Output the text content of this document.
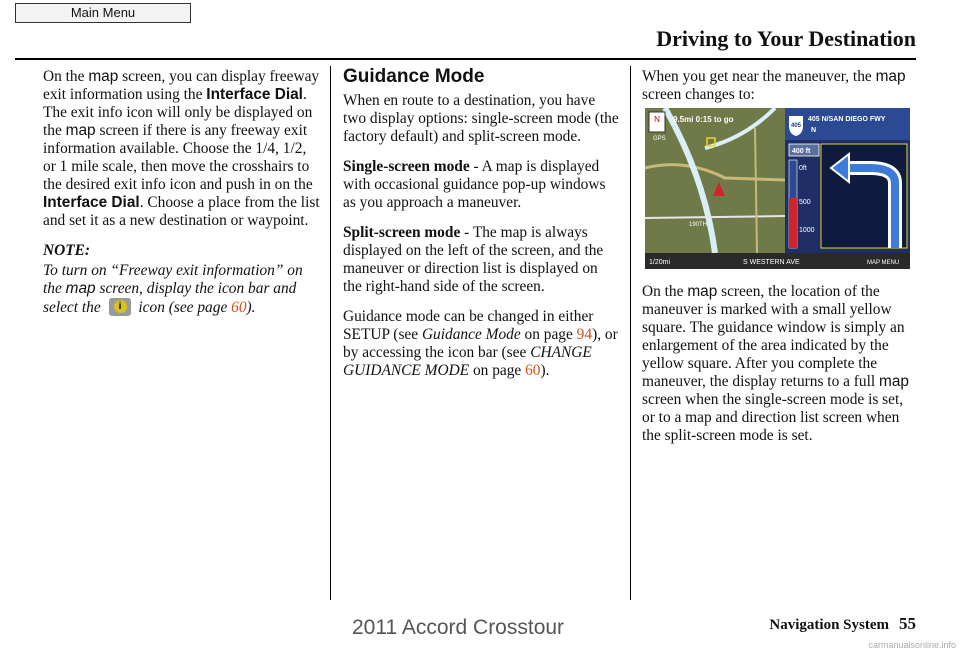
Main Menu
Driving to Your Destination

On the map screen, you can display freeway exit information using the Interface Dial. The exit info icon will only be displayed on the map screen if there is any freeway exit information available. Choose the 1/4, 1/2, or 1 mile scale, then move the crosshairs to the desired exit info icon and push in on the Interface Dial. Choose a place from the list and set it as a new destination or waypoint.

NOTE:

To turn on “Freeway exit information” on the map screen, display the icon bar and select the	i icon (see page 60).

Guidance Mode

When en route to a destination, you have two display options: single-screen mode (the factory default) and split-screen mode.

Single-screen mode - A map is displayed with occasional guidance pop-up windows as you approach a maneuver.

Split-screen mode - The map is always displayed on the left of the screen, and the maneuver or direction list is displayed on the right-hand side of the screen.

Guidance mode can be changed in either SETUP (see Guidance Mode on page 94), or by accessing the icon bar (see CHANGE GUIDANCE MODE on page 60).

When you get near the maneuver, the map screen changes to:

N 9.5mi 0:15 to go
GPS
190TH
405
405 N/SAN DIEGO FWY
N
400 ft
0ft
500
1000
1/20mi	S WESTERN AVE	MAP MENU

On the map screen, the location of the maneuver is marked with a small yellow square. The guidance window is simply an enlargement of the area indicated by the yellow square. After you complete the maneuver, the display returns to a full map screen when the single-screen mode is set, or to a map and direction list screen when the split-screen mode is set.

Navigation System 55
2011 Accord Crosstour
carmanualsonline.info
